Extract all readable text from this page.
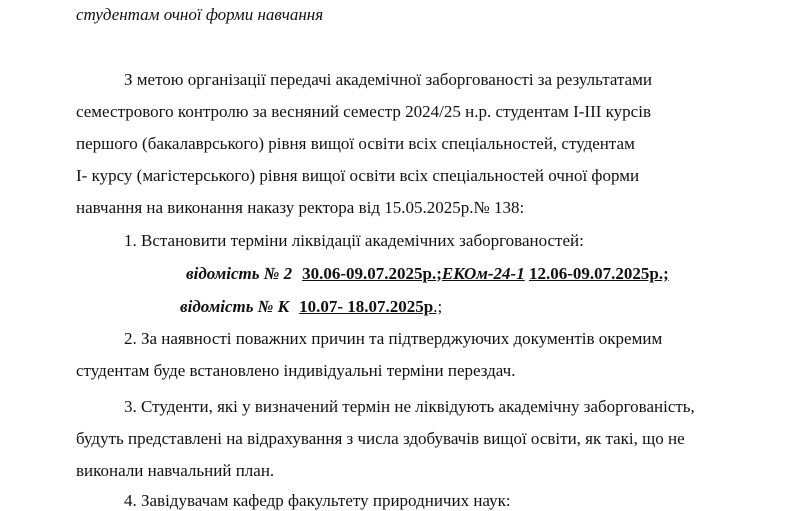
студентам очної форми навчання
З метою організації передачі академічної заборгованості за результатами
семестрового контролю за весняний семестр 2024/25 н.р. студентам І-ІІІ курсів
першого (бакалаврського) рівня вищої освіти всіх спеціальностей, студентам
І- курсу (магістерського) рівня вищої освіти всіх спеціальностей очної форми
навчання на виконання наказу ректора від 15.05.2025р.№ 138:
1. Встановити терміни ліквідації академічних заборгованостей:
відомість № 2 30.06-09.07.2025р.;ЕКОм-24-1 12.06-09.07.2025р.;
відомість № К 10.07- 18.07.2025р.;
2. За наявності поважних причин та підтверджуючих документів окремим
студентам буде встановлено індивідуальні терміни перездач.
3. Студенти, які у визначений термін не ліквідують академічну заборгованість,
будуть представлені на відрахування з числа здобувачів вищої освіти, як такі, що не
виконали навчальний план.
4. Завідувачам кафедр факультету природничих наук:
